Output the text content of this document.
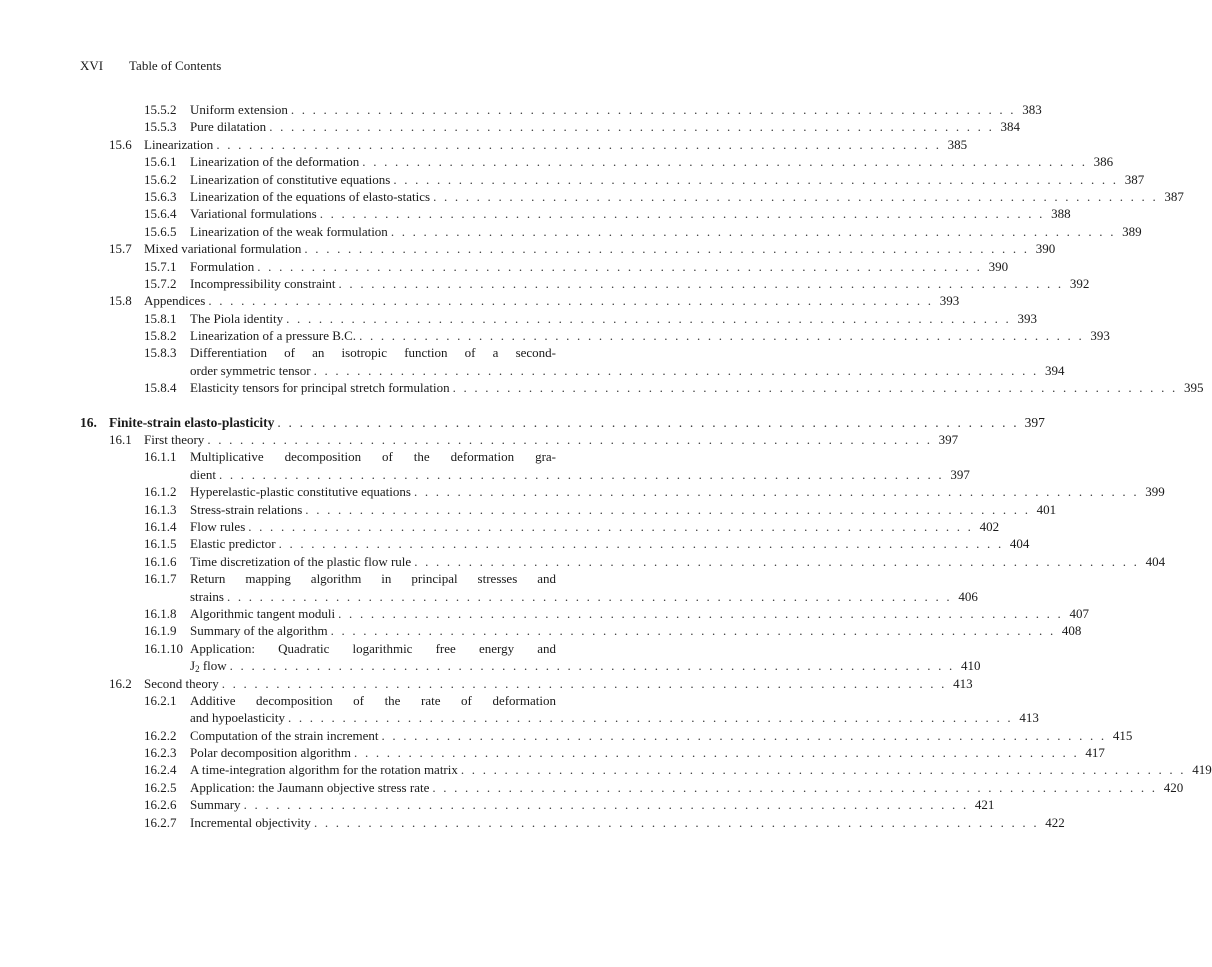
XVI Table of Contents
15.5.2 Uniform extension . . . . . . . . . . . . . . . . . . . . . . . . . . . . . . . . . . . . . . . . . . . . . . . . . . . . . . . . . . . . . . . . . . . 383
15.5.3 Pure dilatation . . . . . . . . . . . . . . . . . . . . . . . . . . . . . . . . . . . . . . . . . . . . . . . . . . . . . . . . . . . . . . . . . . . 384
15.6 Linearization . . . . . . . . . . . . . . . . . . . . . . . . . . . . . . . . . . . . . . . . . . . . . . . . . . . . . . . . . . . . . . . . . . . 385
15.6.1 Linearization of the deformation . . . . . . . . . . . . . . . . . . . . . . . . . . . . . . . . . . . . . . . . . . . . . . . . . . . . . . . . . . . . . . . . . . . 386
15.6.2 Linearization of constitutive equations . . . . . . . . . . . . . . . . . . . . . . . . . . . . . . . . . . . . . . . . . . . . . . . . . . . . . . . . . . . . . . . . . . . 387
15.6.3 Linearization of the equations of elasto-statics . . . . . . . . . . . . . . . . . . . . . . . . . . . . . . . . . . . . . . . . . . . . . . . . . . . . . . . . . . . . . . . . . . . 387
15.6.4 Variational formulations . . . . . . . . . . . . . . . . . . . . . . . . . . . . . . . . . . . . . . . . . . . . . . . . . . . . . . . . . . . . . . . . . . . 388
15.6.5 Linearization of the weak formulation . . . . . . . . . . . . . . . . . . . . . . . . . . . . . . . . . . . . . . . . . . . . . . . . . . . . . . . . . . . . . . . . . . . 389
15.7 Mixed variational formulation . . . . . . . . . . . . . . . . . . . . . . . . . . . . . . . . . . . . . . . . . . . . . . . . . . . . . . . . . . . . . . . . . . . 390
15.7.1 Formulation . . . . . . . . . . . . . . . . . . . . . . . . . . . . . . . . . . . . . . . . . . . . . . . . . . . . . . . . . . . . . . . . . . . 390
15.7.2 Incompressibility constraint . . . . . . . . . . . . . . . . . . . . . . . . . . . . . . . . . . . . . . . . . . . . . . . . . . . . . . . . . . . . . . . . . . . 392
15.8 Appendices . . . . . . . . . . . . . . . . . . . . . . . . . . . . . . . . . . . . . . . . . . . . . . . . . . . . . . . . . . . . . . . . . . . 393
15.8.1 The Piola identity . . . . . . . . . . . . . . . . . . . . . . . . . . . . . . . . . . . . . . . . . . . . . . . . . . . . . . . . . . . . . . . . . . . 393
15.8.2 Linearization of a pressure B.C. . . . . . . . . . . . . . . . . . . . . . . . . . . . . . . . . . . . . . . . . . . . . . . . . . . . . . . . . . . . . . . . . . . . 393
15.8.3 Differentiation of an isotropic function of a second-
order symmetric tensor . . . . . . . . . . . . . . . . . . . . . . . . . . . . . . . . . . . . . . . . . . . . . . . . . . . . . . . . . . . . . . . . . . . 394
15.8.4 Elasticity tensors for principal stretch formulation . . . . . . . . . . . . . . . . . . . . . . . . . . . . . . . . . . . . . . . . . . . . . . . . . . . . . . . . . . . . . . . . . . . 395
16. Finite-strain elasto-plasticity . . . . . . . . . . . . . . . . . . . . . . . . . . . . . . . . . . . . . . . . . . . . . . . . . . . . . . . . . . . . . . . . . . . 397
16.1 First theory . . . . . . . . . . . . . . . . . . . . . . . . . . . . . . . . . . . . . . . . . . . . . . . . . . . . . . . . . . . . . . . . . . . 397
16.1.1 Multiplicative decomposition of the deformation gra-
dient . . . . . . . . . . . . . . . . . . . . . . . . . . . . . . . . . . . . . . . . . . . . . . . . . . . . . . . . . . . . . . . . . . . 397
16.1.2 Hyperelastic-plastic constitutive equations . . . . . . . . . . . . . . . . . . . . . . . . . . . . . . . . . . . . . . . . . . . . . . . . . . . . . . . . . . . . . . . . . . . 399
16.1.3 Stress-strain relations . . . . . . . . . . . . . . . . . . . . . . . . . . . . . . . . . . . . . . . . . . . . . . . . . . . . . . . . . . . . . . . . . . . 401
16.1.4 Flow rules . . . . . . . . . . . . . . . . . . . . . . . . . . . . . . . . . . . . . . . . . . . . . . . . . . . . . . . . . . . . . . . . . . . 402
16.1.5 Elastic predictor . . . . . . . . . . . . . . . . . . . . . . . . . . . . . . . . . . . . . . . . . . . . . . . . . . . . . . . . . . . . . . . . . . . 404
16.1.6 Time discretization of the plastic flow rule . . . . . . . . . . . . . . . . . . . . . . . . . . . . . . . . . . . . . . . . . . . . . . . . . . . . . . . . . . . . . . . . . . . 404
16.1.7 Return mapping algorithm in principal stresses and
strains . . . . . . . . . . . . . . . . . . . . . . . . . . . . . . . . . . . . . . . . . . . . . . . . . . . . . . . . . . . . . . . . . . . 406
16.1.8 Algorithmic tangent moduli . . . . . . . . . . . . . . . . . . . . . . . . . . . . . . . . . . . . . . . . . . . . . . . . . . . . . . . . . . . . . . . . . . . 407
16.1.9 Summary of the algorithm . . . . . . . . . . . . . . . . . . . . . . . . . . . . . . . . . . . . . . . . . . . . . . . . . . . . . . . . . . . . . . . . . . . 408
16.1.10 Application: Quadratic logarithmic free energy and
$J_2$ flow . . . . . . . . . . . . . . . . . . . . . . . . . . . . . . . . . . . . . . . . . . . . . . . . . . . . . . . . . . . . . . . . . . . 410
16.2 Second theory . . . . . . . . . . . . . . . . . . . . . . . . . . . . . . . . . . . . . . . . . . . . . . . . . . . . . . . . . . . . . . . . . . . 413
16.2.1 Additive decomposition of the rate of deformation
and hypoelasticity . . . . . . . . . . . . . . . . . . . . . . . . . . . . . . . . . . . . . . . . . . . . . . . . . . . . . . . . . . . . . . . . . . . 413
16.2.2 Computation of the strain increment . . . . . . . . . . . . . . . . . . . . . . . . . . . . . . . . . . . . . . . . . . . . . . . . . . . . . . . . . . . . . . . . . . . 415
16.2.3 Polar decomposition algorithm . . . . . . . . . . . . . . . . . . . . . . . . . . . . . . . . . . . . . . . . . . . . . . . . . . . . . . . . . . . . . . . . . . . 417
16.2.4 A time-integration algorithm for the rotation matrix . . . . . . . . . . . . . . . . . . . . . . . . . . . . . . . . . . . . . . . . . . . . . . . . . . . . . . . . . . . . . . . . . . . 419
16.2.5 Application: the Jaumann objective stress rate . . . . . . . . . . . . . . . . . . . . . . . . . . . . . . . . . . . . . . . . . . . . . . . . . . . . . . . . . . . . . . . . . . . 420
16.2.6 Summary . . . . . . . . . . . . . . . . . . . . . . . . . . . . . . . . . . . . . . . . . . . . . . . . . . . . . . . . . . . . . . . . . . . 421
16.2.7 Incremental objectivity . . . . . . . . . . . . . . . . . . . . . . . . . . . . . . . . . . . . . . . . . . . . . . . . . . . . . . . . . . . . . . . . . . . 422
